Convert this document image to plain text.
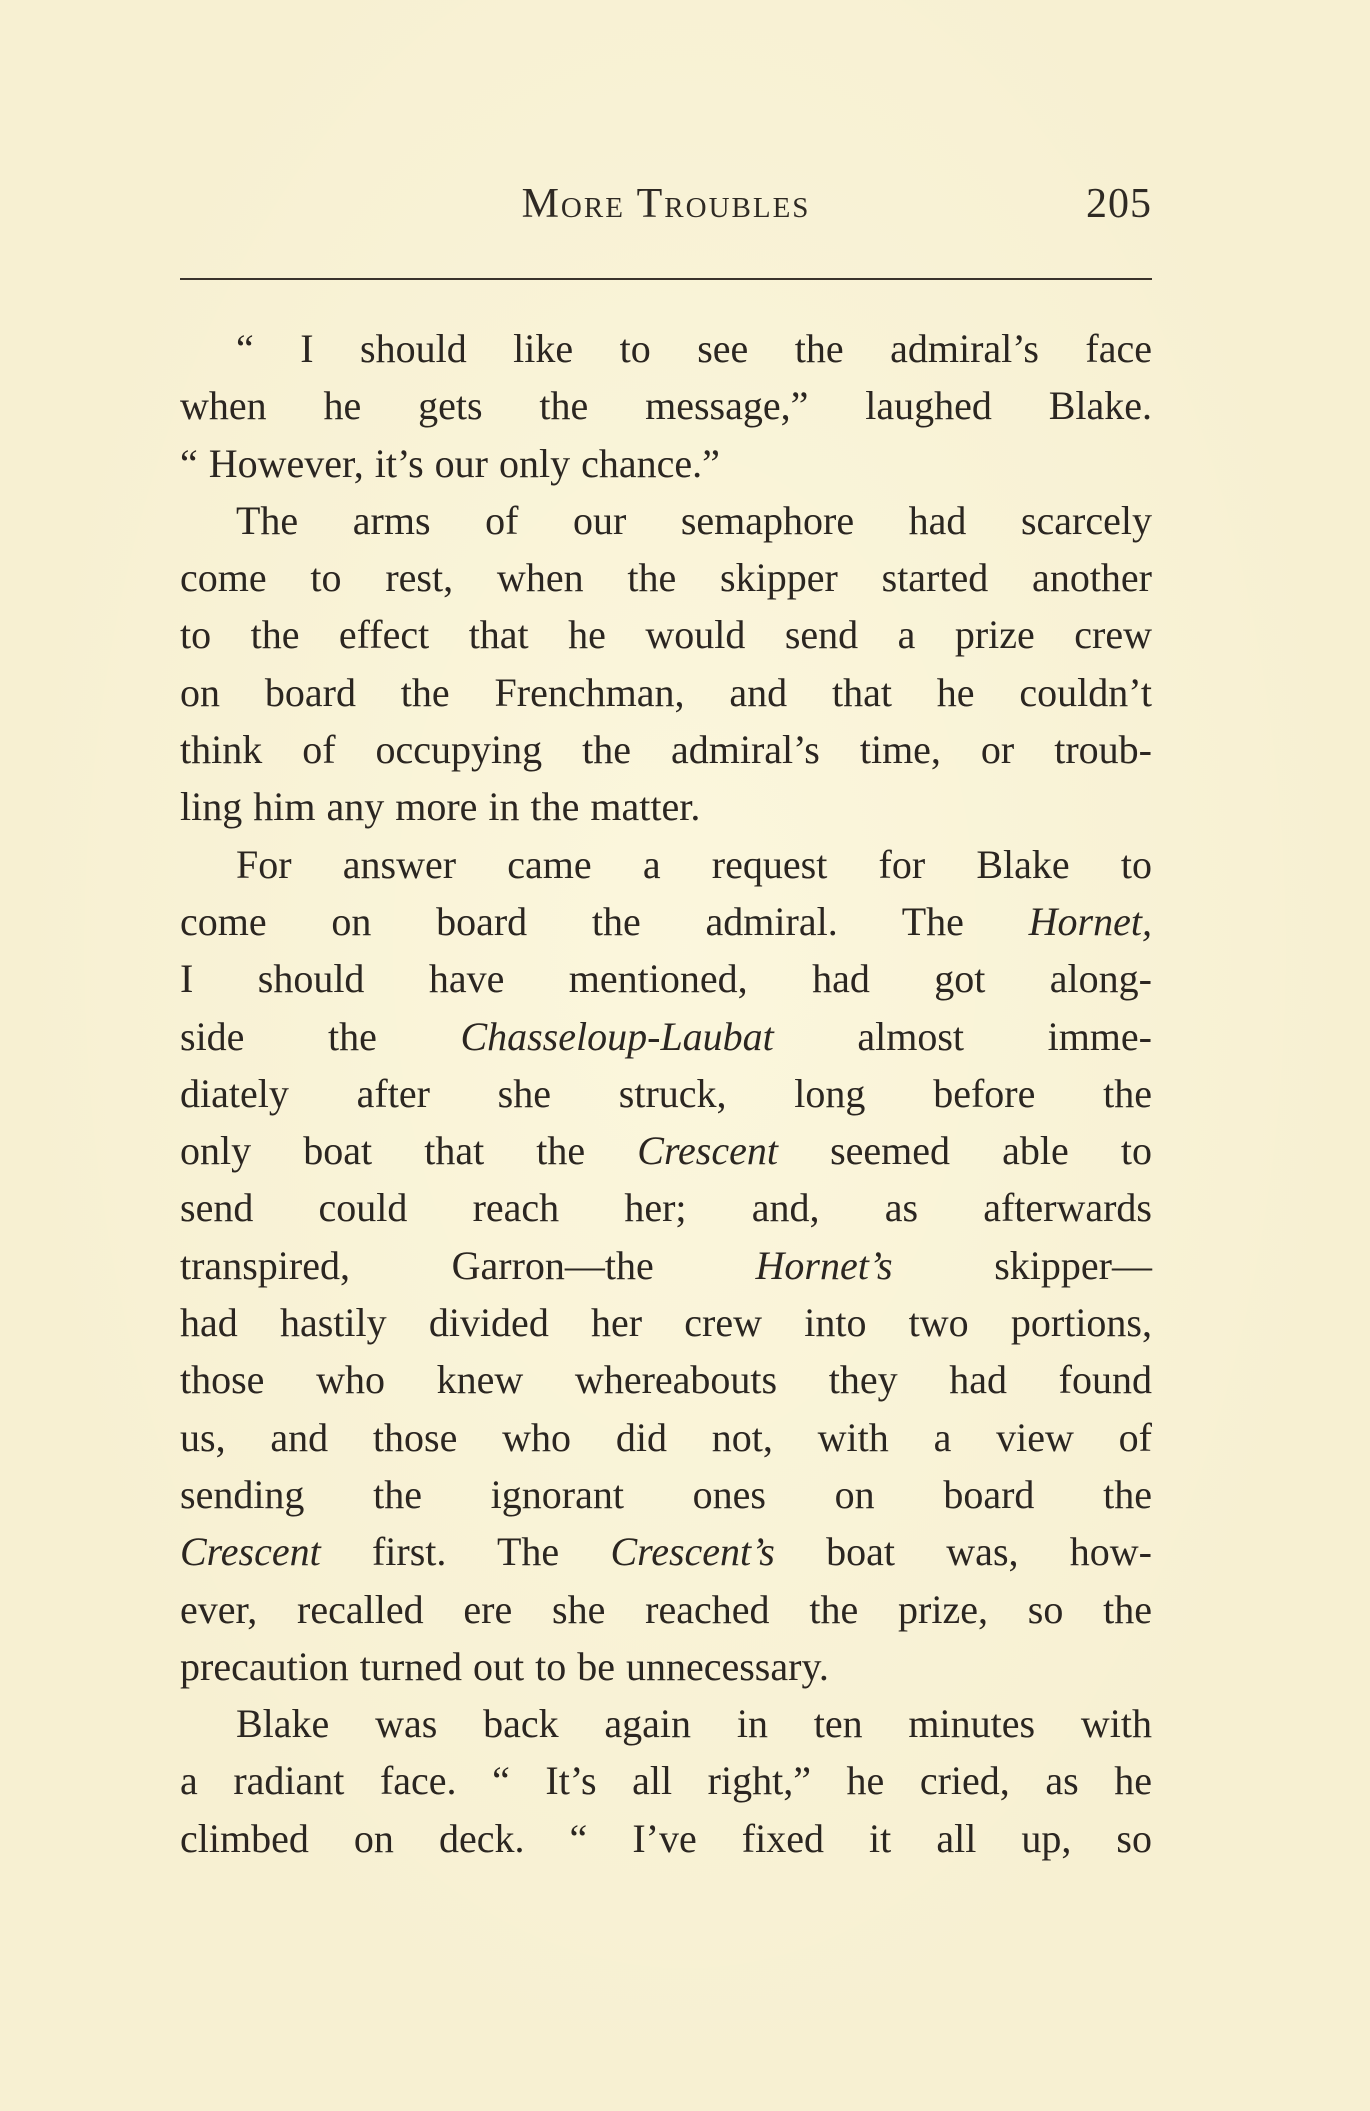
More Troubles	205
“ I should like to see the admiral’s face
when he gets the message,” laughed Blake.
“ However, it’s our only chance.”
The arms of our semaphore had scarcely
come to rest, when the skipper started another
to the effect that he would send a prize crew
on board the Frenchman, and that he couldn’t
think of occupying the admiral’s time, or troub-
ling him any more in the matter.
For answer came a request for Blake to
come on board the admiral. The Hornet,
I should have mentioned, had got along-
side the Chasseloup-Laubat almost imme-
diately after she struck, long before the
only boat that the Crescent seemed able to
send could reach her; and, as afterwards
transpired, Garron—the Hornet’s skipper—
had hastily divided her crew into two portions,
those who knew whereabouts they had found
us, and those who did not, with a view of
sending the ignorant ones on board the
Crescent first. The Crescent’s boat was, how-
ever, recalled ere she reached the prize, so the
precaution turned out to be unnecessary.
Blake was back again in ten minutes with
a radiant face. “ It’s all right,” he cried, as he
climbed on deck. “ I’ve fixed it all up, so
